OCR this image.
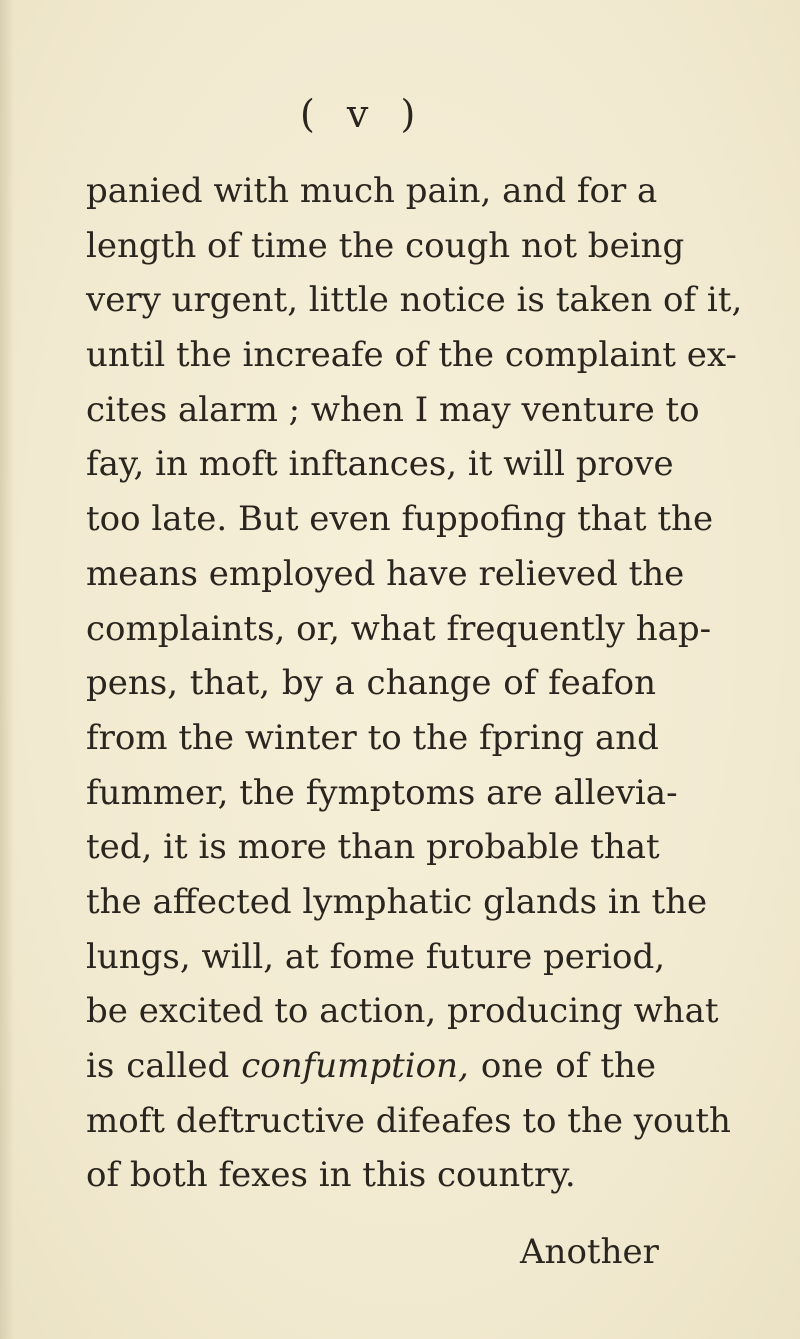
( v )
panied with much pain, and for a
length of time the cough not being
very urgent, little notice is taken of it,
until the increafe of the complaint ex-
cites alarm ; when I may venture to
fay, in moft inftances, it will prove
too late. But even fuppofing that the
means employed have relieved the
complaints, or, what frequently hap-
pens, that, by a change of feafon
from the winter to the fpring and
fummer, the fymptoms are allevia-
ted, it is more than probable that
the affected lymphatic glands in the
lungs, will, at fome future period,
be excited to action, producing what
is called confumption, one of the
moft deftructive difeafes to the youth
of both fexes in this country.
Another
